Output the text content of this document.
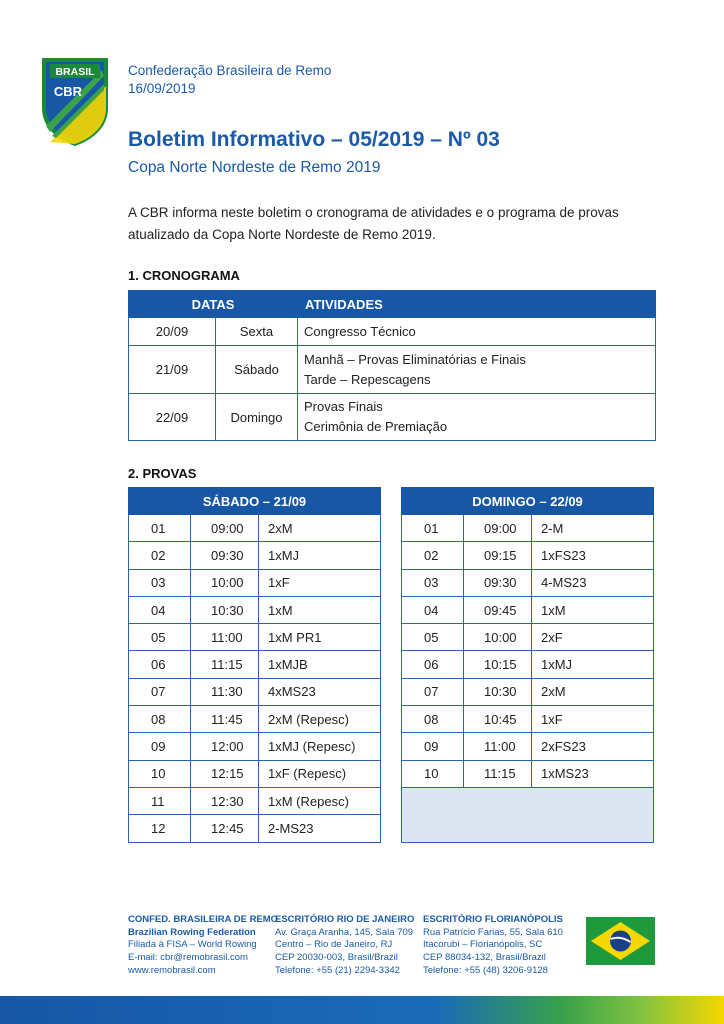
BRASIL
CBR
Confederação Brasileira de Remo
16/09/2019
Boletim Informativo – 05/2019 – Nº 03
Copa Norte Nordeste de Remo 2019
A CBR informa neste boletim o cronograma de atividades e o programa de provas atualizado da Copa Norte Nordeste de Remo 2019.
1. CRONOGRAMA
DATAS		ATIVIDADES
20/09	Sexta	Congresso Técnico

21/09	Sábado	Manhã – Provas Eliminatórias e Finais
Tarde – Repescagens

22/09	Domingo	Provas Finais
Cerimônia de Premiação
2. PROVAS
SÁBADO – 21/09		
01	09:00	2xM
02	09:30	1xMJ
03	10:00	1xF
04	10:30	1xM
05	11:00	1xM PR1
06	11:15	1xMJB
07	11:30	4xMS23
08	11:45	2xM (Repesc)
09	12:00	1xMJ (Repesc)
10	12:15	1xF (Repesc)
11	12:30	1xM (Repesc)
12	12:45	2-MS23
DOMINGO – 22/09		
01	09:00	2-M
02	09:15	1xFS23
03	09:30	4-MS23
04	09:45	1xM
05	10:00	2xF
06	10:15	1xMJ
07	10:30	2xM
08	10:45	1xF
09	11:00	2xFS23
10	11:15	1xMS23

CONFED. BRASILEIRA DE REMO
Brazilian Rowing Federation
Filiada à FISA – World Rowing
E-mail: cbr@remobrasil.com
www.remobrasil.com
ESCRITÓRIO RIO DE JANEIRO
Av. Graça Aranha, 145, Sala 709
Centro – Rio de Janeiro, RJ
CEP 20030-003, Brasil/Brazil
Telefone: +55 (21) 2294-3342
ESCRITÓRIO FLORIANÓPOLIS
Rua Patrício Farias, 55, Sala 610
Itacorubi – Florianópolis, SC
CEP 88034-132, Brasil/Brazil
Telefone: +55 (48) 3206-9128
